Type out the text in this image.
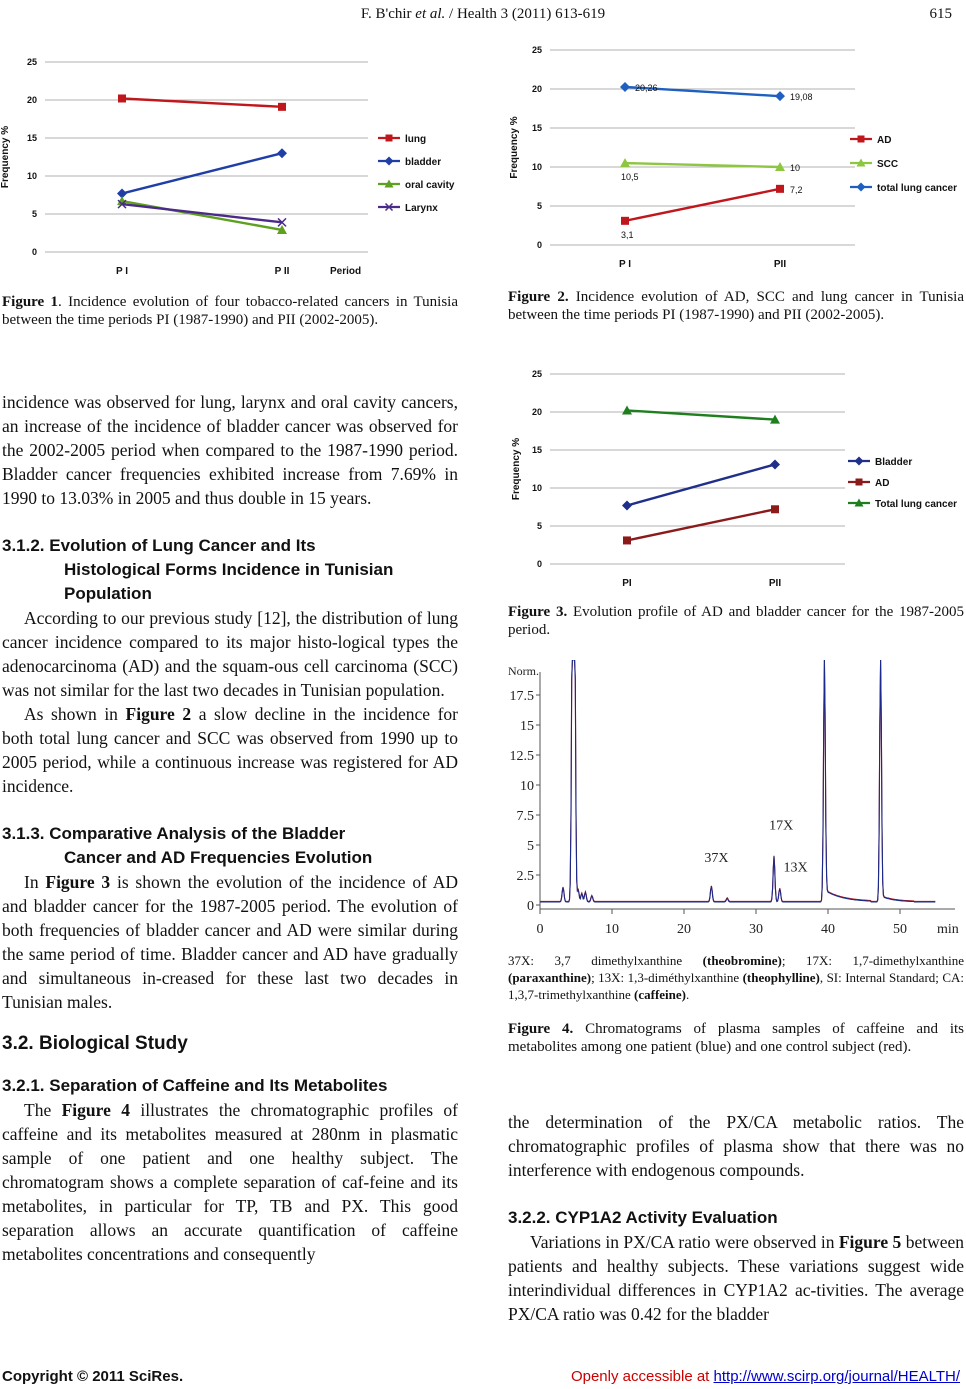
F. B'chir et al. / Health 3 (2011) 613-619	615
0
5
10
15
20
25
P I	P II	Period
Frequency %	lung
bladder
oral cavity
Larynx
Figure 1. Incidence evolution of four tobacco-related cancers in Tunisia between the time periods PI (1987-1990) and PII (2002-2005).
0
5
10
15
20
25
P I	PII
Frequency %
3,1
7,2
AD
10,5
10	SCC
20,26
19,08
total lung cancer
Figure 2. Incidence evolution of AD, SCC and lung cancer in Tunisia between the time periods PI (1987-1990) and PII (2002-2005).
0
5
10
15
20
25
PI	PII
Frequency %	Bladder
AD
Total lung cancer
Figure 3. Evolution profile of AD and bladder cancer for the 1987-2005 period.
Norm.
0
2.5
5
7.5
10
12.5
15
17.5
0	10	20	30	40	50 min
37X
17X
13X
37X: 3,7 dimethylxanthine (theobromine); 17X: 1,7-dimethylxanthine (paraxanthine); 13X: 1,3-diméthylxanthine (theophylline), SI: Internal Standard; CA: 1,3,7-trimethylxanthine (caffeine).
Figure 4. Chromatograms of plasma samples of caffeine and its metabolites among one patient (blue) and one control subject (red).

incidence was observed for lung, larynx and oral cavity cancers, an increase of the incidence of bladder cancer was observed for the 2002-2005 period when compared to the 1987-1990 period. Bladder cancer frequencies exhibited increase from 7.69% in 1990 to 13.03% in 2005 and thus double in 15 years.

3.1.2. Evolution of Lung Cancer and Its
Histological Forms Incidence in Tunisian
Population

According to our previous study [12], the distribution of lung cancer incidence compared to its major histo-logical types the adenocarcinoma (AD) and the squam-ous cell carcinoma (SCC) was not similar for the last two decades in Tunisian population.

As shown in Figure 2 a slow decline in the incidence for both total lung cancer and SCC was observed from 1990 up to 2005 period, while a continuous increase was registered for AD incidence.

3.1.3. Comparative Analysis of the Bladder
Cancer and AD Frequencies Evolution

In Figure 3 is shown the evolution of the incidence of AD and bladder cancer for the 1987-2005 period. The evolution of both frequencies of bladder cancer and AD were similar during the same period of time. Bladder cancer and AD have gradually and simultaneous in-creased for these last two decades in Tunisian males.

3.2. Biological Study
3.2.1. Separation of Caffeine and Its Metabolites

The Figure 4 illustrates the chromatographic profiles of caffeine and its metabolites measured at 280nm in plasmatic sample of one patient and one healthy subject. The chromatogram shows a complete separation of caf-feine and its metabolites, in particular for TP, TB and PX. This good separation allows an accurate quantification of caffeine metabolites concentrations and consequently

the determination of the PX/CA metabolic ratios. The chromatographic profiles of plasma show that there was no interference with endogenous compounds.

3.2.2. CYP1A2 Activity Evaluation

Variations in PX/CA ratio were observed in Figure 5 between patients and healthy subjects. These variations suggest wide interindividual differences in CYP1A2 ac-tivities. The average PX/CA ratio was 0.42 for the bladder

Copyright © 2011 SciRes.	Openly accessible at http://www.scirp.org/journal/HEALTH/
